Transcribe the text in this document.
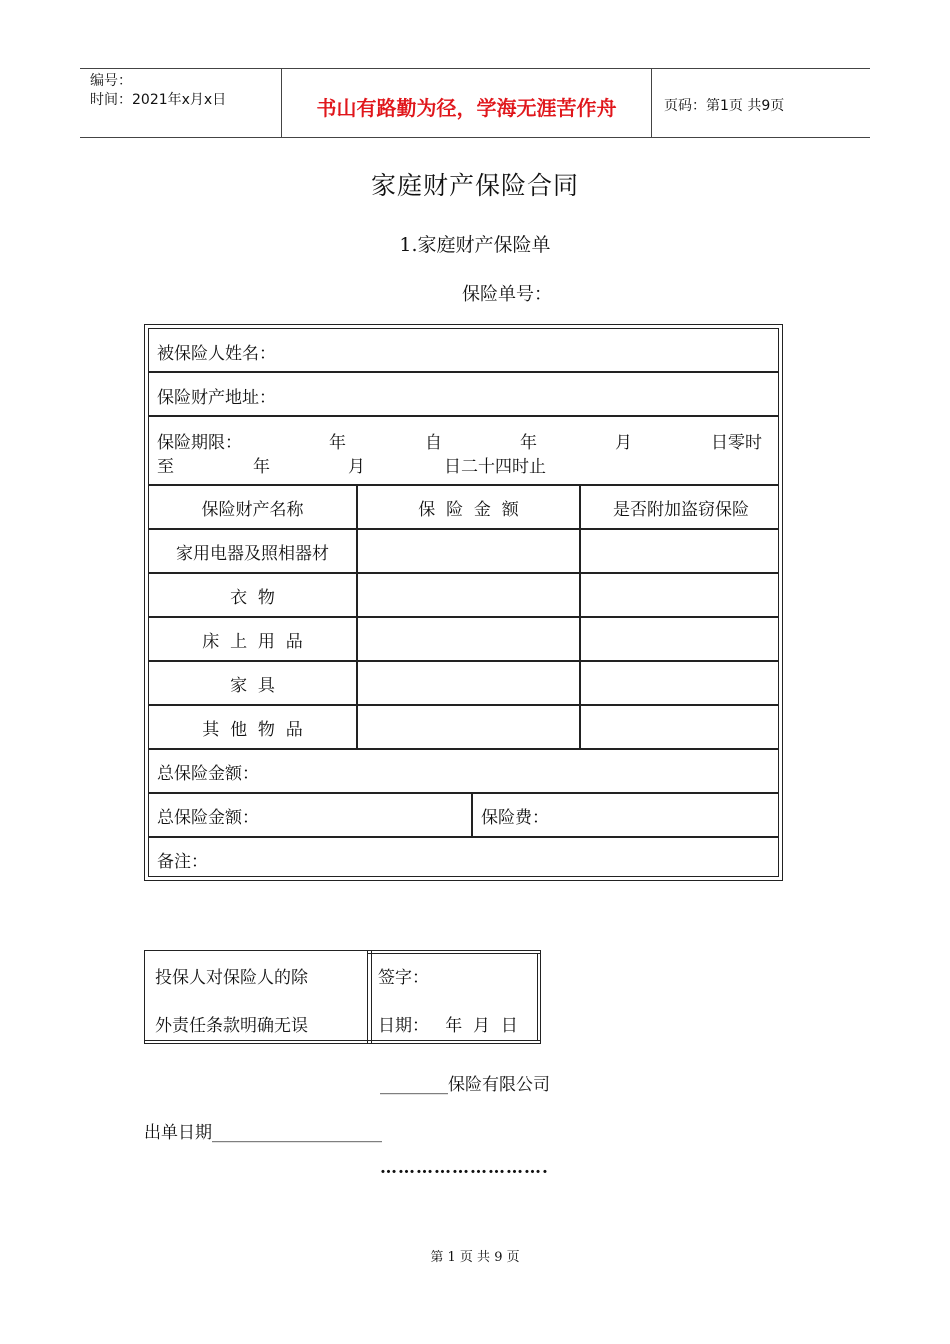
编号：
时间：2021年x月x日	书山有路勤为径，学海无涯苦作舟	页码：第1页 共9页
家庭财产保险合同
1.家庭财产保险单
保险单号：
被保险人姓名：
保险财产地址：
保险期限：	年	自	年	月	日零时
至	年	月	日二十四时止
保险财产名称	保  险  金  额	是否附加盗窃保险
家用电器及照相器材
衣  物
床  上  用  品
家  具
其  他  物  品
总保险金额：
总保险金额：	保险费：
备注：
投保人对保险人的除
外责任条款明确无误
签字：
日期：   年  月  日
________保险有限公司
出单日期____________________
……………………….
第 1 页 共 9 页
